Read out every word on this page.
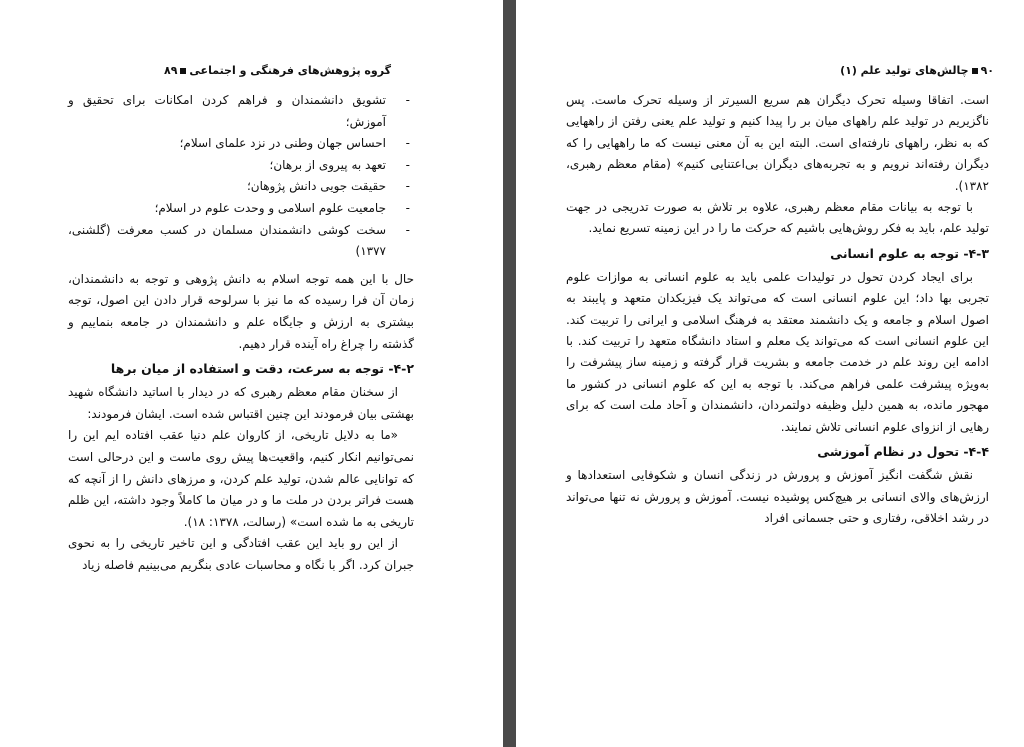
گروه پژوهش‌های فرهنگی و اجتماعی۸۹
- تشویق دانشمندان و فراهم کردن امکانات برای تحقیق و آموزش؛
- احساس جهان وطنی در نزد علمای اسلام؛
- تعهد به پیروی از برهان؛
- حقیقت جویی دانش پژوهان؛
- جامعیت علوم اسلامی و وحدت علوم در اسلام؛
- سخت کوشی دانشمندان مسلمان در کسب معرفت (گلشنی، ۱۳۷۷)

حال با این همه توجه اسلام به دانش پژوهی و توجه به دانشمندان، زمان آن فرا رسیده که ما نیز با سرلوحه قرار دادن این اصول، توجه بیشتری به ارزش و جایگاه علم و دانشمندان در جامعه بنماییم و گذشته را چراغ راه آینده قرار دهیم.

۴-۲- توجه به سرعت، دقت و استفاده از میان برها

از سخنان مقام معظم رهبری که در دیدار با اساتید دانشگاه شهید بهشتی بیان فرمودند این چنین اقتباس شده است. ایشان فرمودند:

«ما به دلایل تاریخی، از کاروان علم دنیا عقب افتاده ایم این را نمی‌توانیم انکار کنیم، واقعیت‌ها پیش روی ماست و این درحالی است که توانایی عالم شدن، تولید علم کردن، و مرزهای دانش را از آنچه که هست فراتر بردن در ملت ما و در میان ما کاملاً وجود داشته، این ظلم تاریخی به ما شده است» (رسالت، ۱۳۷۸: ۱۸).

از این رو باید این عقب افتادگی و این تاخیر تاریخی را به نحوی جبران کرد. اگر با نگاه و محاسبات عادی بنگریم می‌بینیم فاصله زیاد

۹۰چالش‌های تولید علم (۱)

است. اتفاقا وسیله تحرک دیگران هم سریع السیرتر از وسیله تحرک ماست. پس ناگزیریم در تولید علم راههای میان بر را پیدا کنیم و تولید علم یعنی رفتن از راههایی که به نظر، راههای نارفته‌ای است. البته این به آن معنی نیست که ما راههایی را که دیگران رفته‌اند نرویم و به تجربه‌های دیگران بی‌اعتنایی کنیم» (مقام معظم رهبری، ۱۳۸۲).

با توجه به بیانات مقام معظم رهبری، علاوه بر تلاش به صورت تدریجی در جهت تولید علم، باید به فکر روش‌هایی باشیم که حرکت ما را در این زمینه تسریع نماید.

۴-۳- توجه به علوم انسانی

برای ایجاد کردن تحول در تولیدات علمی باید به علوم انسانی به موازات علوم تجربی بها داد؛ این علوم انسانی است که می‌تواند یک فیزیکدان متعهد و پایبند به اصول اسلام و جامعه و یک دانشمند معتقد به فرهنگ اسلامی و ایرانی را تربیت کند. این علوم انسانی است که می‌تواند یک معلم و استاد دانشگاه متعهد را تربیت کند. با ادامه این روند علم در خدمت جامعه و بشریت قرار گرفته و زمینه ساز پیشرفت را به‌ویژه پیشرفت علمی فراهم می‌کند. با توجه به این که علوم انسانی در کشور ما مهجور مانده، به همین دلیل وظیفه دولتمردان، دانشمندان و آحاد ملت است که برای رهایی از انزوای علوم انسانی تلاش نمایند.

۴-۴- تحول در نظام آموزشی

نقش شگفت انگیز آموزش و پرورش در زندگی انسان و شکوفایی استعدادها و ارزش‌های والای انسانی بر هیچ‌کس پوشیده نیست. آموزش و پرورش نه تنها می‌تواند در رشد اخلاقی، رفتاری و حتی جسمانی افراد
